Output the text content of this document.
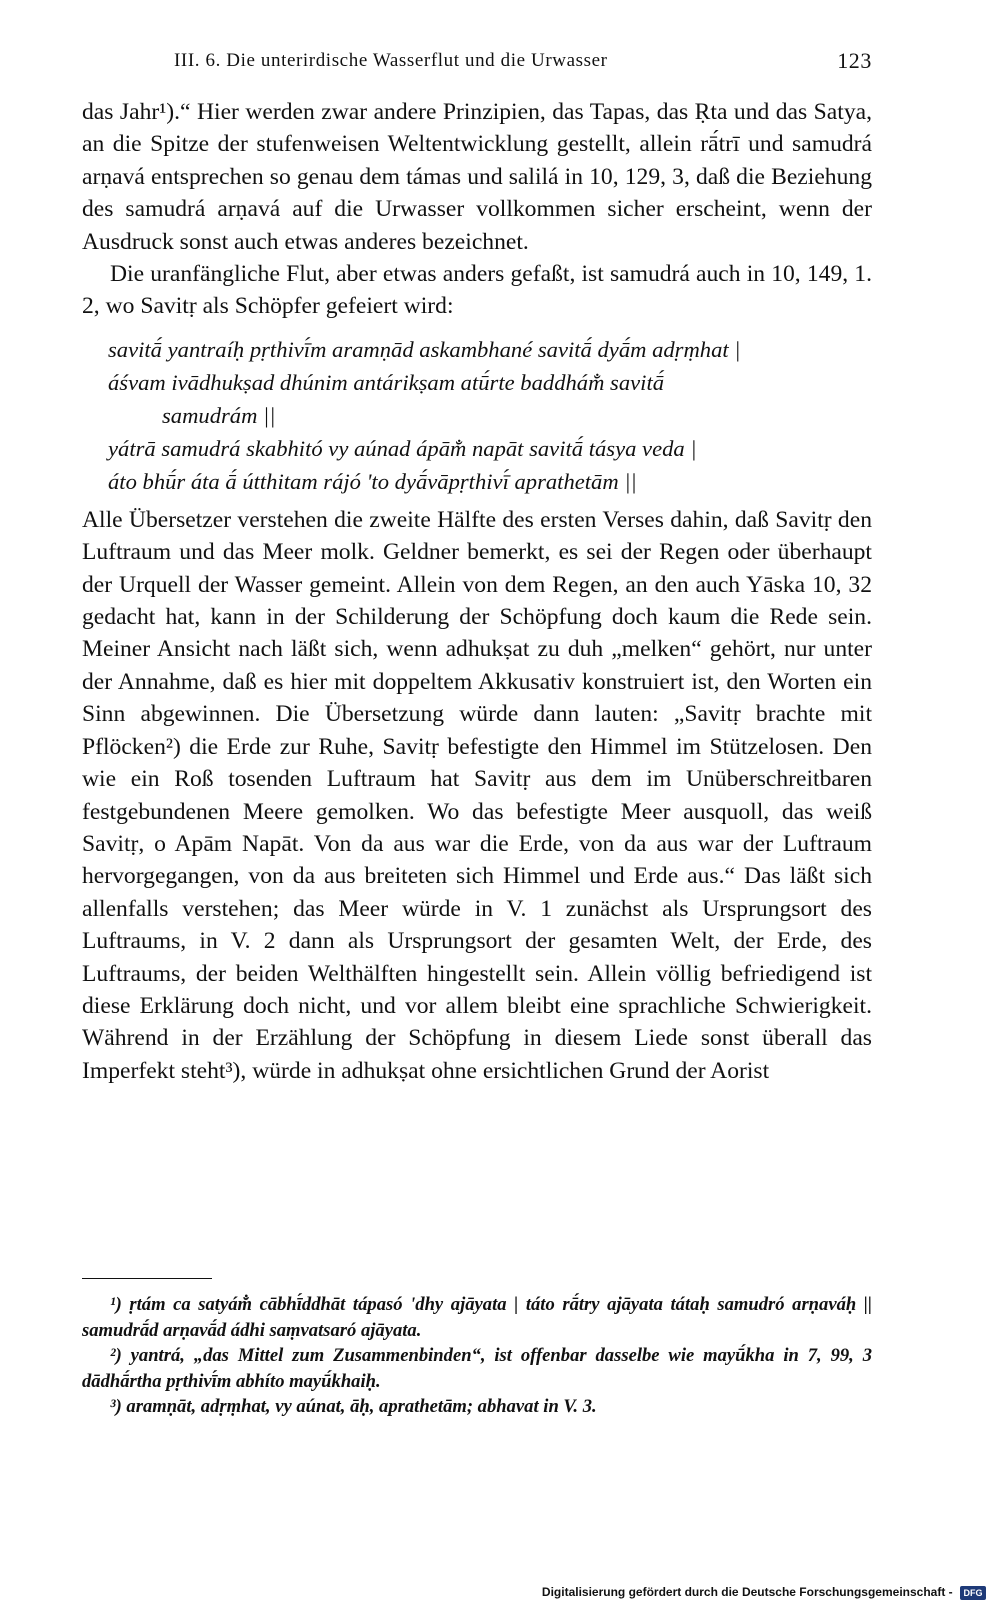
III. 6. Die unterirdische Wasserflut und die Urwasser	123

das Jahr¹).“ Hier werden zwar andere Prinzipien, das Tapas, das Ṛta und das Satya, an die Spitze der stufenweisen Weltentwicklung gestellt, allein rā́trī und samudrá arṇavá entsprechen so genau dem támas und salilá in 10, 129, 3, daß die Beziehung des samudrá arṇavá auf die Urwasser vollkommen sicher erscheint, wenn der Ausdruck sonst auch etwas anderes bezeichnet.

Die uranfängliche Flut, aber etwas anders gefaßt, ist samudrá auch in 10, 149, 1. 2, wo Savitṛ als Schöpfer gefeiert wird:

savitā́ yantraíḥ pṛthivī́m aramṇād askambhané savitā́ dyā́m adṛṃhat |
áśvam ivādhukṣad dhúnim antárikṣam atū́rte baddhám̐ savitā́
samudrám ||
yátrā samudrá skabhitó vy aúnad ápām̐ napāt savitā́ tásya veda |
áto bhū́r áta ā́ útthitam rájó 'to dyā́vāpṛthivī́ aprathetām ||

Alle Übersetzer verstehen die zweite Hälfte des ersten Verses dahin, daß Savitṛ den Luftraum und das Meer molk. Geldner bemerkt, es sei der Regen oder überhaupt der Urquell der Wasser gemeint. Allein von dem Regen, an den auch Yāska 10, 32 gedacht hat, kann in der Schilderung der Schöpfung doch kaum die Rede sein. Meiner Ansicht nach läßt sich, wenn adhukṣat zu duh „melken“ gehört, nur unter der Annahme, daß es hier mit doppeltem Akkusativ konstruiert ist, den Worten ein Sinn abgewinnen. Die Übersetzung würde dann lauten: „Savitṛ brachte mit Pflöcken²) die Erde zur Ruhe, Savitṛ befestigte den Himmel im Stützelosen. Den wie ein Roß tosenden Luftraum hat Savitṛ aus dem im Unüberschreitbaren festgebundenen Meere gemolken. Wo das befestigte Meer ausquoll, das weiß Savitṛ, o Apām Napāt. Von da aus war die Erde, von da aus war der Luftraum hervorgegangen, von da aus breiteten sich Himmel und Erde aus.“ Das läßt sich allenfalls verstehen; das Meer würde in V. 1 zunächst als Ursprungsort des Luftraums, in V. 2 dann als Ursprungsort der gesamten Welt, der Erde, des Luftraums, der beiden Welthälften hingestellt sein. Allein völlig befriedigend ist diese Erklärung doch nicht, und vor allem bleibt eine sprachliche Schwierigkeit. Während in der Erzählung der Schöpfung in diesem Liede sonst überall das Imperfekt steht³), würde in adhukṣat ohne ersichtlichen Grund der Aorist

¹) ṛtám ca satyám̐ cābhī́ddhāt tápasó 'dhy ajāyata | táto rā́try ajāyata tátaḥ samudró arṇaváḥ || samudrā́d arṇavā́d ádhi saṃvatsaró ajāyata.
²) yantrá, „das Mittel zum Zusammenbinden“, ist offenbar dasselbe wie mayū́kha in 7, 99, 3 dādhā́rtha pṛthivī́m abhíto mayū́khaiḥ.
³) aramṇāt, adṛṃhat, vy aúnat, āḥ, aprathetām; abhavat in V. 3.
Digitalisierung gefördert durch die Deutsche Forschungsgemeinschaft - DFG
